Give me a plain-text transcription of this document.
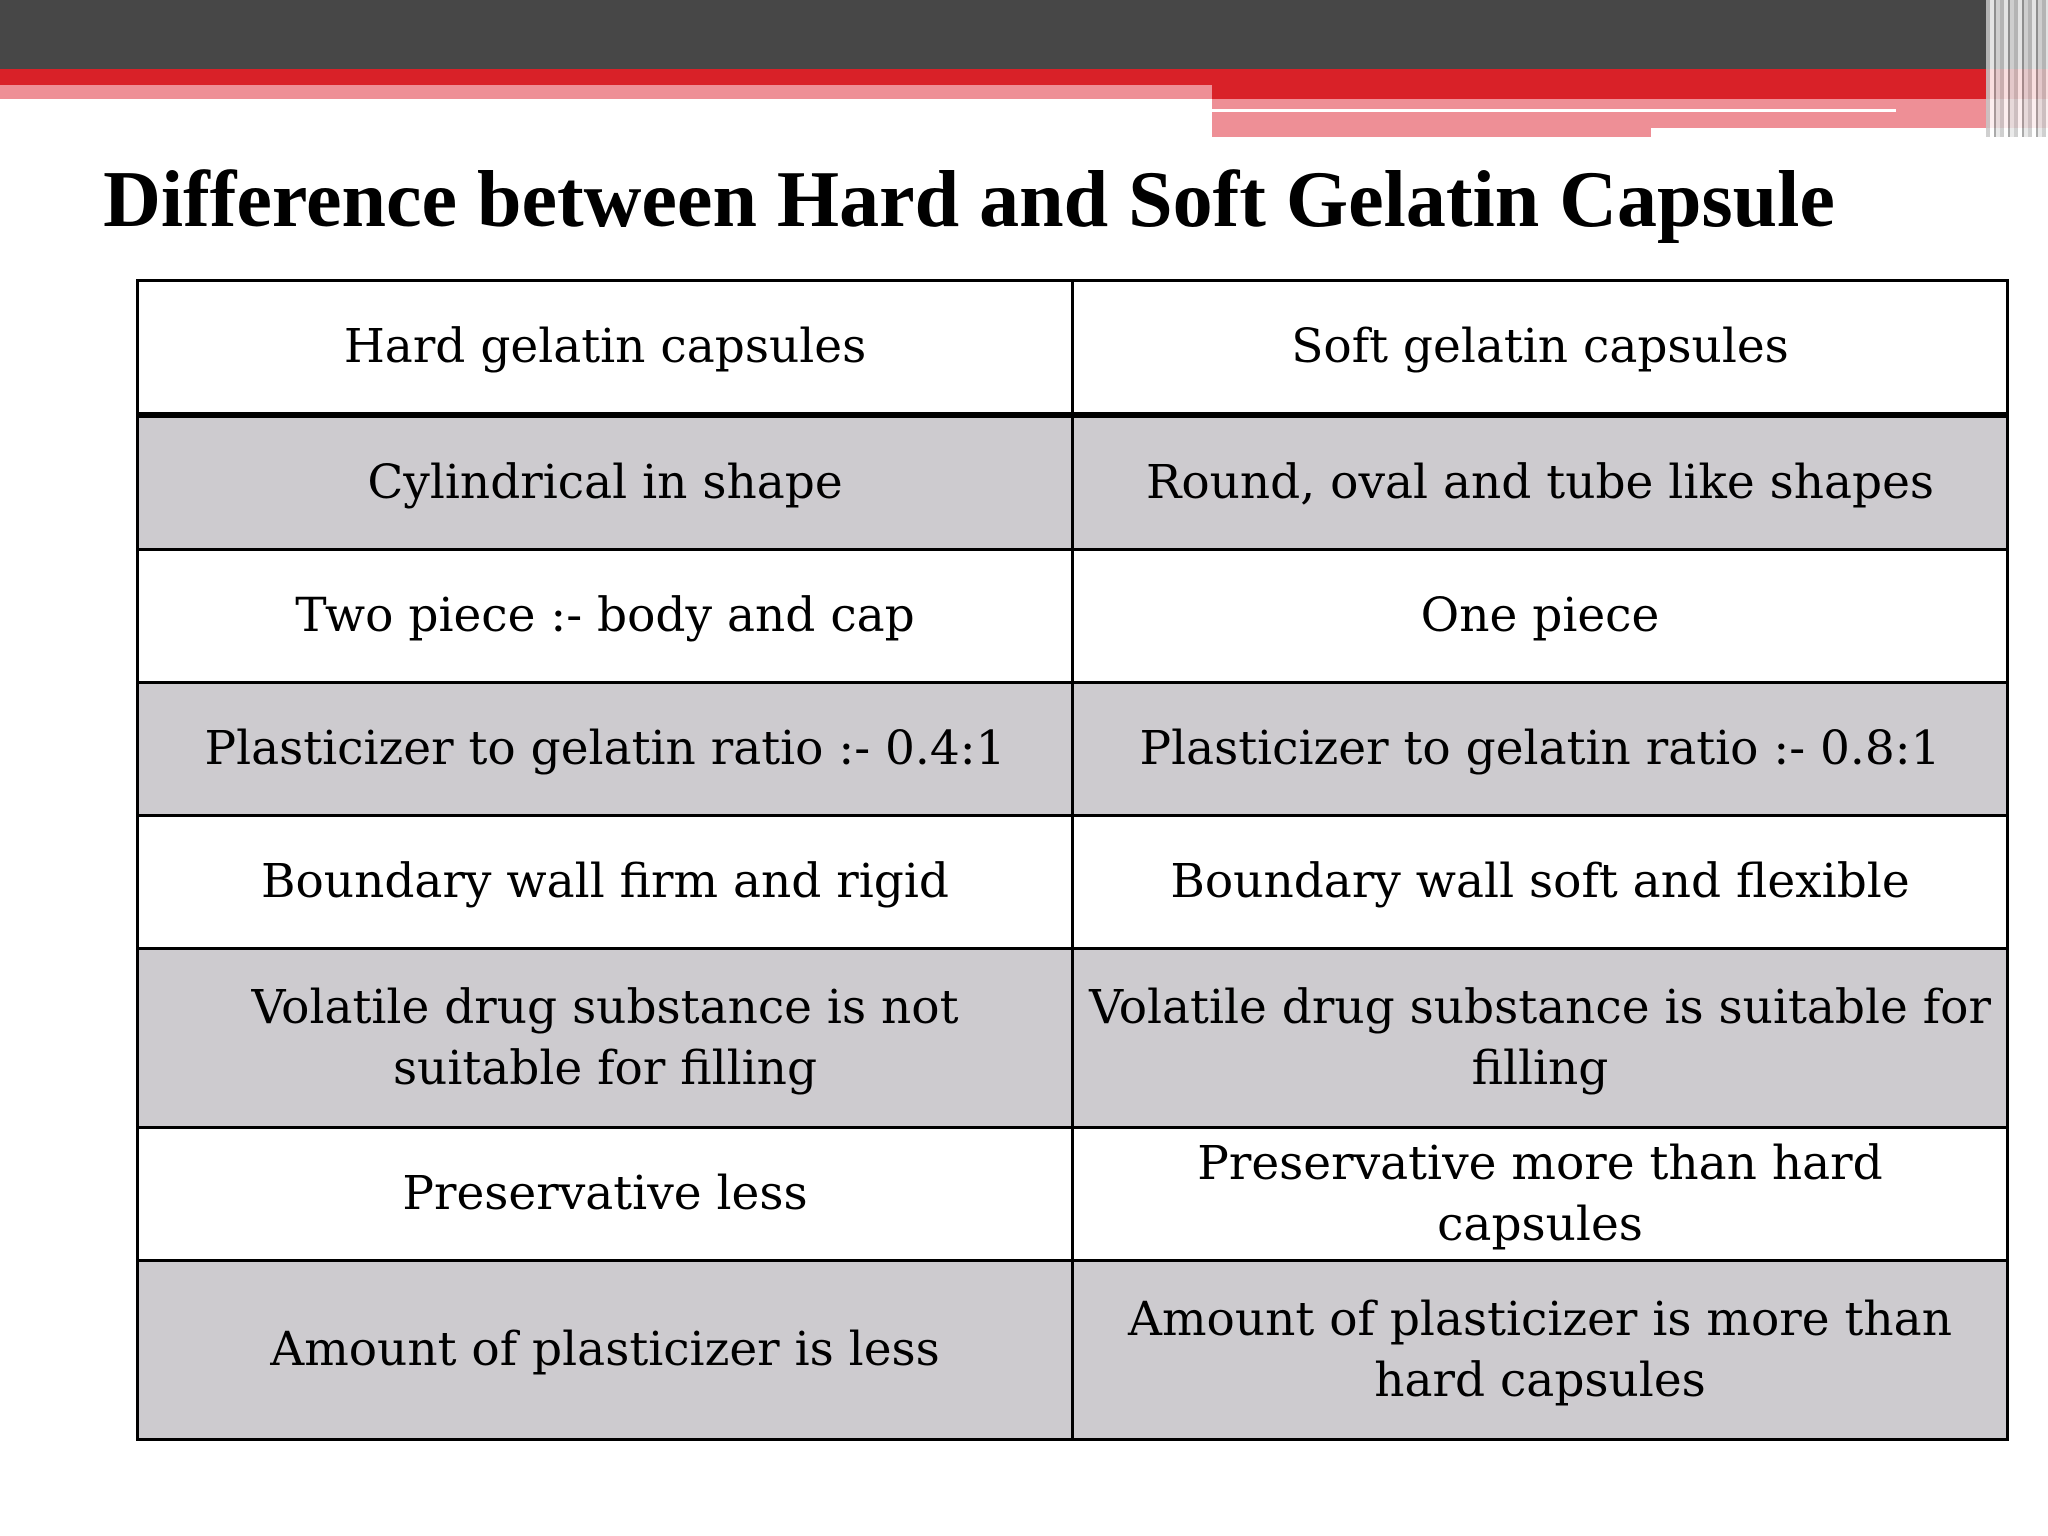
Difference between Hard and Soft Gelatin Capsule
Hard gelatin capsules	Soft gelatin capsules
Cylindrical in shape	Round, oval and tube like shapes
Two piece :- body and cap	One piece
Plasticizer to gelatin ratio :- 0.4:1	Plasticizer to gelatin ratio :- 0.8:1
Boundary wall firm and rigid	Boundary wall soft and flexible
Volatile drug substance is not suitable for filling	Volatile drug substance is suitable for filling
Preservative less	Preservative more than hard capsules
Amount of plasticizer is less	Amount of plasticizer is more than hard capsules
